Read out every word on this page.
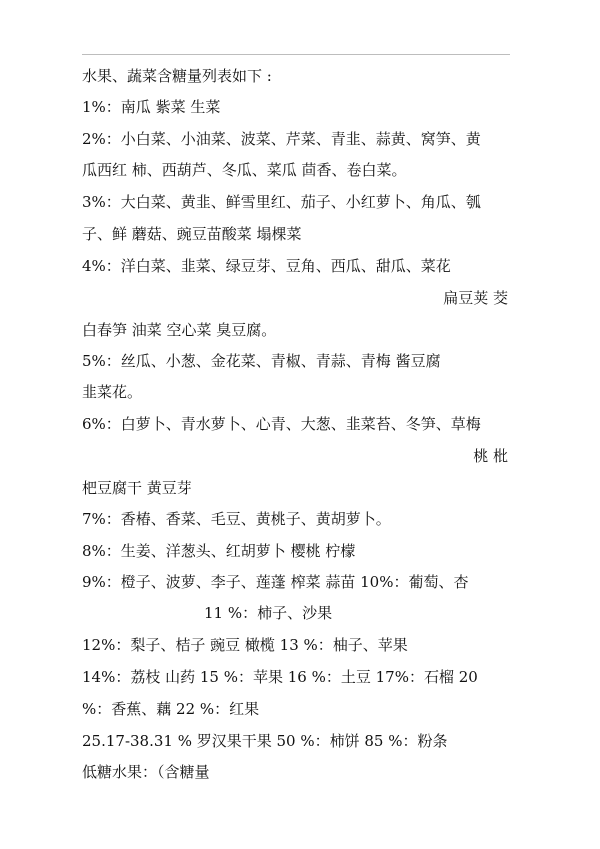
水果、蔬菜含糖量列表如下 :
1%：南瓜 紫菜 生菜
2%：小白菜、小油菜、波菜、芹菜、青韭、蒜黄、窝笋、黄
瓜西红 柿、西葫芦、冬瓜、菜瓜 茴香、卷白菜。
3%：大白菜、黄韭、鲜雪里红、茄子、小红萝卜、角瓜、瓠
子、鲜 蘑菇、豌豆苗酸菜 塌棵菜
4%：洋白菜、韭菜、绿豆芽、豆角、西瓜、甜瓜、菜花
扁豆荚 茭
白春笋 油菜 空心菜 臭豆腐。
5%：丝瓜、小葱、金花菜、青椒、青蒜、青梅 酱豆腐
韭菜花。
6%：白萝卜、青水萝卜、心青、大葱、韭菜苔、冬笋、草梅
桃 枇
杷豆腐干 黄豆芽
7%：香椿、香菜、毛豆、黄桃子、黄胡萝卜。
8%：生姜、洋葱头、红胡萝卜 樱桃 柠檬
9%：橙子、波萝、李子、莲蓬 榨菜 蒜苗 10%：葡萄、杏
11 %：柿子、沙果
12%：梨子、桔子 豌豆 橄榄 13 %：柚子、苹果
14%：荔枝 山药 15 %：苹果 16 %：土豆 17%：石榴 20
%：香蕉、藕 22 %：红果
25.17-38.31 % 罗汉果干果 50 %：柿饼 85 %：粉条
低糖水果：（含糖量
